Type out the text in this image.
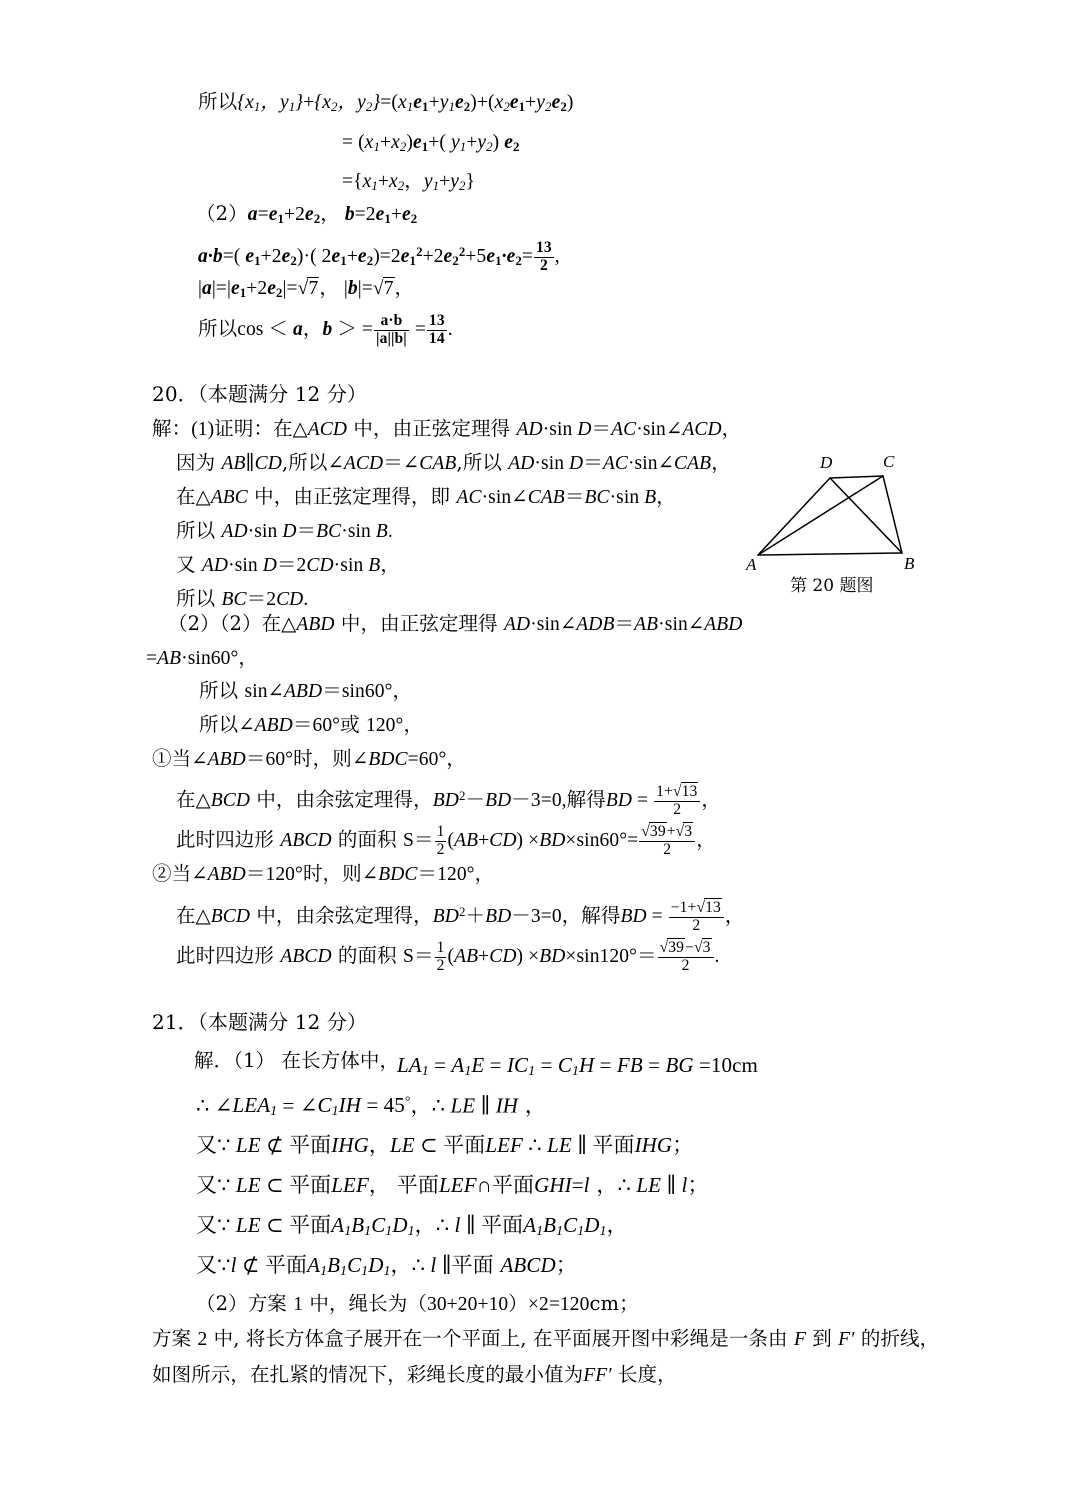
所以{$x_1$，$y_1\}+\{x_2$，$y_2\}=(x_1e_1+y_1e_2)+(x_2e_1+y_2e_2)$
= $(x_1+x_2)e_1+$( $y_1+y_2$) $e_2$
$=\{x_1+x_2$，$y_1+y_2$}
$(2)a=e_1+2e_2$， $b=2e_1+e_2$
a·b=( $e_1+2e_2)\cdot$( $2e_1+e_2)=2e_1^2+2e_2^2+5e_1\cdot e_2= \frac{13}{2}$ ,
$|a|=|e_1+2e_2|=√7$， |b|=√7，
所以cos ＜ a，b ＞ = $\frac{a\cdot b}{|a||b|} = \frac{13}{14}$ .
20．（本题满分 12 分）
解：(1)证明：在△ACD 中，由正弦定理得 AD·sin D＝AC·sin∠ACD，
因为 AB∥CD,所以∠ACD＝∠CAB,所以 AD·sin D＝AC·sin∠CAB，
在△ABC 中，由正弦定理得，即 AC·sin∠CAB＝BC·sin B，
所以 AD·sin D＝BC·sin B.
又 AD·sin D＝2CD·sin B，
所以 BC＝2CD.
（2）（2）在△ABD 中，由正弦定理得 AD·sin∠ADB＝AB·sin∠ABD
=AB·sin60°，
所以 sin∠ABD＝sin60°，
所以∠ABD＝60°或 120°，
①当∠ABD＝60°时，则∠BDC=60°，
在△BCD 中，由余弦定理得，$BD^2-BD-3=0$,解得BD = $\frac{1+√13}{2}$ ，
此时四边形 ABCD 的面积 $S= \frac{1}{2} (AB+CD) \times BD\times\sin 60^\circ= \frac{√39+√3}{2}$ ，
②当∠ABD＝120°时，则∠BDC＝120°，
在△BCD 中，由余弦定理得，$BD^2+BD-3=0$，解得BD = $\frac{-1+√13}{2}$ ，
此时四边形 ABCD 的面积 $S= \frac{1}{2} (AB+CD) \times BD\times\sin 120^\circ= \frac{√39-√3}{2}$ .
D	C
A	B
第 20 题图
21．（本题满分 12 分）
解．（1） 在长方体中，
$LA_1 = A_1E = IC_1 = C_1H$ = FB = BG =10cm
∴ $\angle LEA_1$ = $\angle C_1IH = 45^\circ$，∴ LE ∥ IH ，
又∵ LE ⊄ 平面IHG，LE ⊂ 平面LEF ∴ LE ∥ 平面IHG；
又∵ LE ⊂ 平面LEF， 平面LEF∩平面GHI=l ，∴ LE ∥ l；
又∵ LE ⊂ 平面$A_1B_1C_1D_1$，∴ l ∥ 平面$A_1B_1C_1D_1$，
又∵l ⊄ 平面$A_1B_1C_1D_1$，∴ l ∥平面 ABCD；
（2）方案 1 中，绳长为（30+20+10）×2=120cm；
方案 2 中, 将长方体盒子展开在一个平面上, 在平面展开图中彩绳是一条由 F 到 F′ 的折线，
如图所示，在扎紧的情况下，彩绳长度的最小值为FF′ 长度，
